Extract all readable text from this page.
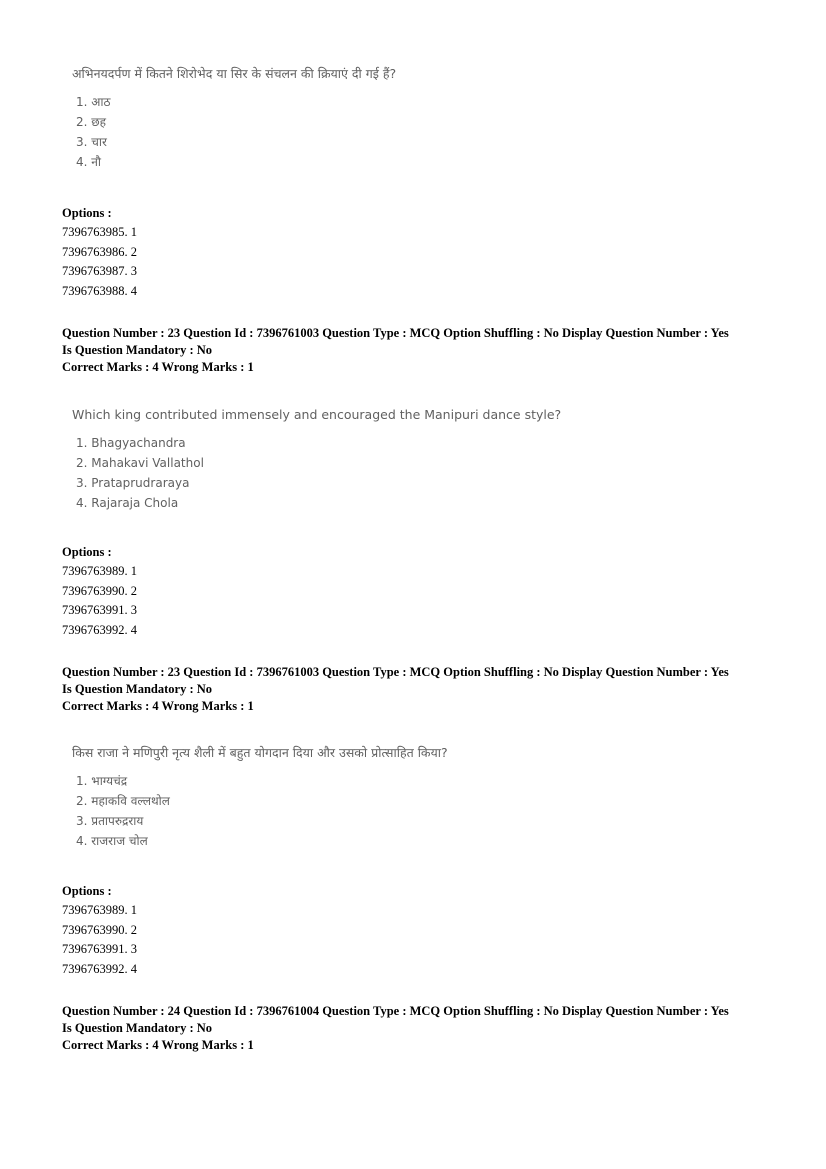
अभिनयदर्पण में कितने शिरोभेद या सिर के संचलन की क्रियाएं दी गई हैं?
1. आठ
2. छह
3. चार
4. नौ
Options :
7396763985. 1
7396763986. 2
7396763987. 3
7396763988. 4
Question Number : 23 Question Id : 7396761003 Question Type : MCQ Option Shuffling : No Display Question Number : Yes
Is Question Mandatory : No
Correct Marks : 4 Wrong Marks : 1
Which king contributed immensely and encouraged the Manipuri dance style?
1. Bhagyachandra
2. Mahakavi Vallathol
3. Prataprudraraya
4. Rajaraja Chola
Options :
7396763989. 1
7396763990. 2
7396763991. 3
7396763992. 4
Question Number : 23 Question Id : 7396761003 Question Type : MCQ Option Shuffling : No Display Question Number : Yes
Is Question Mandatory : No
Correct Marks : 4 Wrong Marks : 1
किस राजा ने मणिपुरी नृत्य शैली में बहुत योगदान दिया और उसको प्रोत्साहित किया?
1. भाग्यचंद्र
2. महाकवि वल्लथोल
3. प्रतापरुद्रराय
4. राजराज चोल
Options :
7396763989. 1
7396763990. 2
7396763991. 3
7396763992. 4
Question Number : 24 Question Id : 7396761004 Question Type : MCQ Option Shuffling : No Display Question Number : Yes
Is Question Mandatory : No
Correct Marks : 4 Wrong Marks : 1
